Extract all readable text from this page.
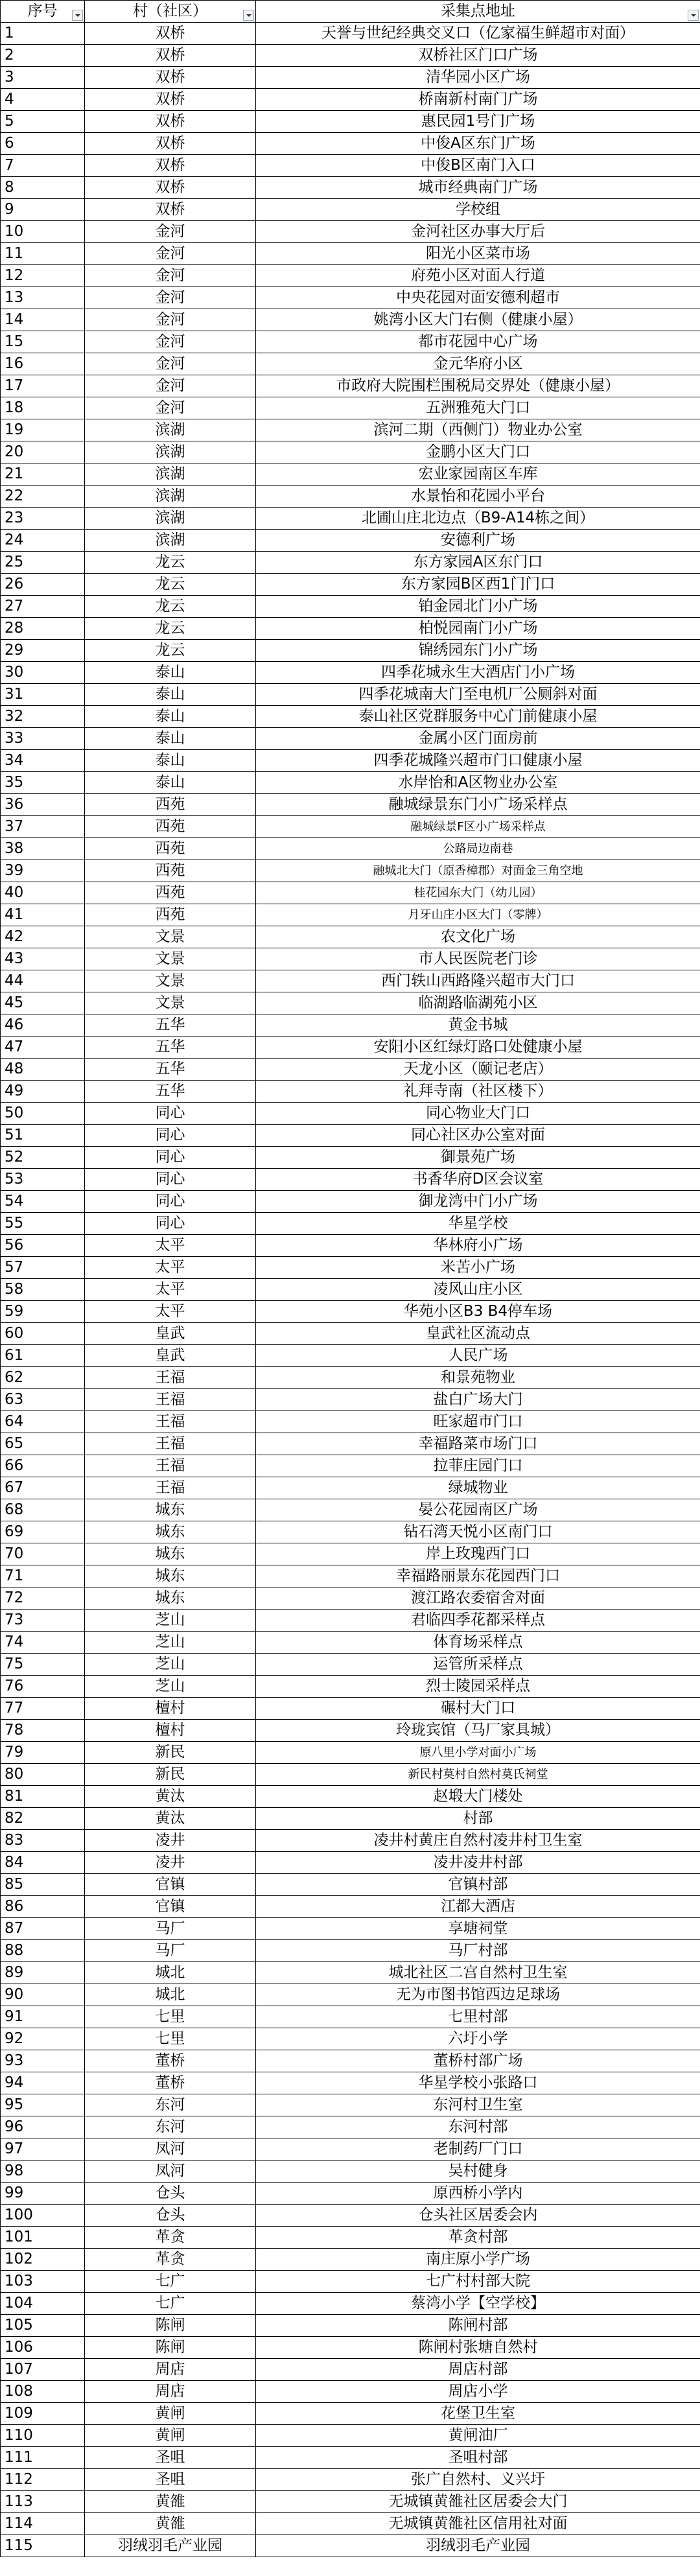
序号	村（社区）	采集点地址

1	双桥	天誉与世纪经典交叉口（亿家福生鲜超市对面）
2	双桥	双桥社区门口广场
3	双桥	清华园小区广场
4	双桥	桥南新村南门广场
5	双桥	惠民园1号门广场
6	双桥	中俊A区东门广场
7	双桥	中俊B区南门入口
8	双桥	城市经典南门广场
9	双桥	学校组
10	金河	金河社区办事大厅后
11	金河	阳光小区菜市场
12	金河	府苑小区对面人行道
13	金河	中央花园对面安德利超市
14	金河	姚湾小区大门右侧（健康小屋）
15	金河	都市花园中心广场
16	金河	金元华府小区
17	金河	市政府大院围栏围税局交界处（健康小屋）
18	金河	五洲雅苑大门口
19	滨湖	滨河二期（西侧门）物业办公室
20	滨湖	金鹏小区大门口
21	滨湖	宏业家园南区车库
22	滨湖	水景怡和花园小平台
23	滨湖	北圃山庄北边点（B9-A14栋之间）
24	滨湖	安德利广场
25	龙云	东方家园A区东门口
26	龙云	东方家园B区西1门门口
27	龙云	铂金园北门小广场
28	龙云	柏悦园南门小广场
29	龙云	锦绣园东门小广场
30	泰山	四季花城永生大酒店门小广场
31	泰山	四季花城南大门至电机厂公厕斜对面
32	泰山	泰山社区党群服务中心门前健康小屋
33	泰山	金属小区门面房前
34	泰山	四季花城隆兴超市门口健康小屋
35	泰山	水岸怡和A区物业办公室
36	西苑	融城绿景东门小广场采样点
37	西苑	融城绿景F区小广场采样点
38	西苑	公路局边南巷
39	西苑	融城北大门（原香樟郡）对面金三角空地
40	西苑	桂花园东大门（幼儿园）
41	西苑	月牙山庄小区大门（零牌）
42	文景	农文化广场
43	文景	市人民医院老门诊
44	文景	西门轶山西路隆兴超市大门口
45	文景	临湖路临湖苑小区
46	五华	黄金书城
47	五华	安阳小区红绿灯路口处健康小屋
48	五华	天龙小区（颐记老店）
49	五华	礼拜寺南（社区楼下）
50	同心	同心物业大门口
51	同心	同心社区办公室对面
52	同心	御景苑广场
53	同心	书香华府D区会议室
54	同心	御龙湾中门小广场
55	同心	华星学校
56	太平	华林府小广场
57	太平	米苦小广场
58	太平	凌风山庄小区
59	太平	华苑小区B3 B4停车场
60	皇武	皇武社区流动点
61	皇武	人民广场
62	王福	和景苑物业
63	王福	盐白广场大门
64	王福	旺家超市门口
65	王福	幸福路菜市场门口
66	王福	拉菲庄园门口
67	王福	绿城物业
68	城东	晏公花园南区广场
69	城东	钻石湾天悦小区南门口
70	城东	岸上玫瑰西门口
71	城东	幸福路丽景东花园西门口
72	城东	渡江路农委宿舍对面
73	芝山	君临四季花都采样点
74	芝山	体育场采样点
75	芝山	运管所采样点
76	芝山	烈士陵园采样点
77	檀村	碾村大门口
78	檀村	玲珑宾馆（马厂家具城）
79	新民	原八里小学对面小广场
80	新民	新民村莫村自然村莫氏祠堂
81	黄汰	赵塅大门楼处
82	黄汰	村部
83	凌井	凌井村黄庄自然村凌井村卫生室
84	凌井	凌井凌井村部
85	官镇	官镇村部
86	官镇	江都大酒店
87	马厂	享塘祠堂
88	马厂	马厂村部
89	城北	城北社区二宫自然村卫生室
90	城北	无为市图书馆西边足球场
91	七里	七里村部
92	七里	六圩小学
93	董桥	董桥村部广场
94	董桥	华星学校小张路口
95	东河	东河村卫生室
96	东河	东河村部
97	凤河	老制药厂门口
98	凤河	吴村健身
99	仓头	原西桥小学内
100	仓头	仓头社区居委会内
101	革贪	革贪村部
102	革贪	南庄原小学广场
103	七广	七广村村部大院
104	七广	蔡湾小学【空学校】
105	陈闸	陈闸村部
106	陈闸	陈闸村张塘自然村
107	周店	周店村部
108	周店	周店小学
109	黄闸	花堡卫生室
110	黄闸	黄闸油厂
111	圣咀	圣咀村部
112	圣咀	张广自然村、义兴圩
113	黄雒	无城镇黄雒社区居委会大门
114	黄雒	无城镇黄雒社区信用社对面
115	羽绒羽毛产业园	羽绒羽毛产业园
